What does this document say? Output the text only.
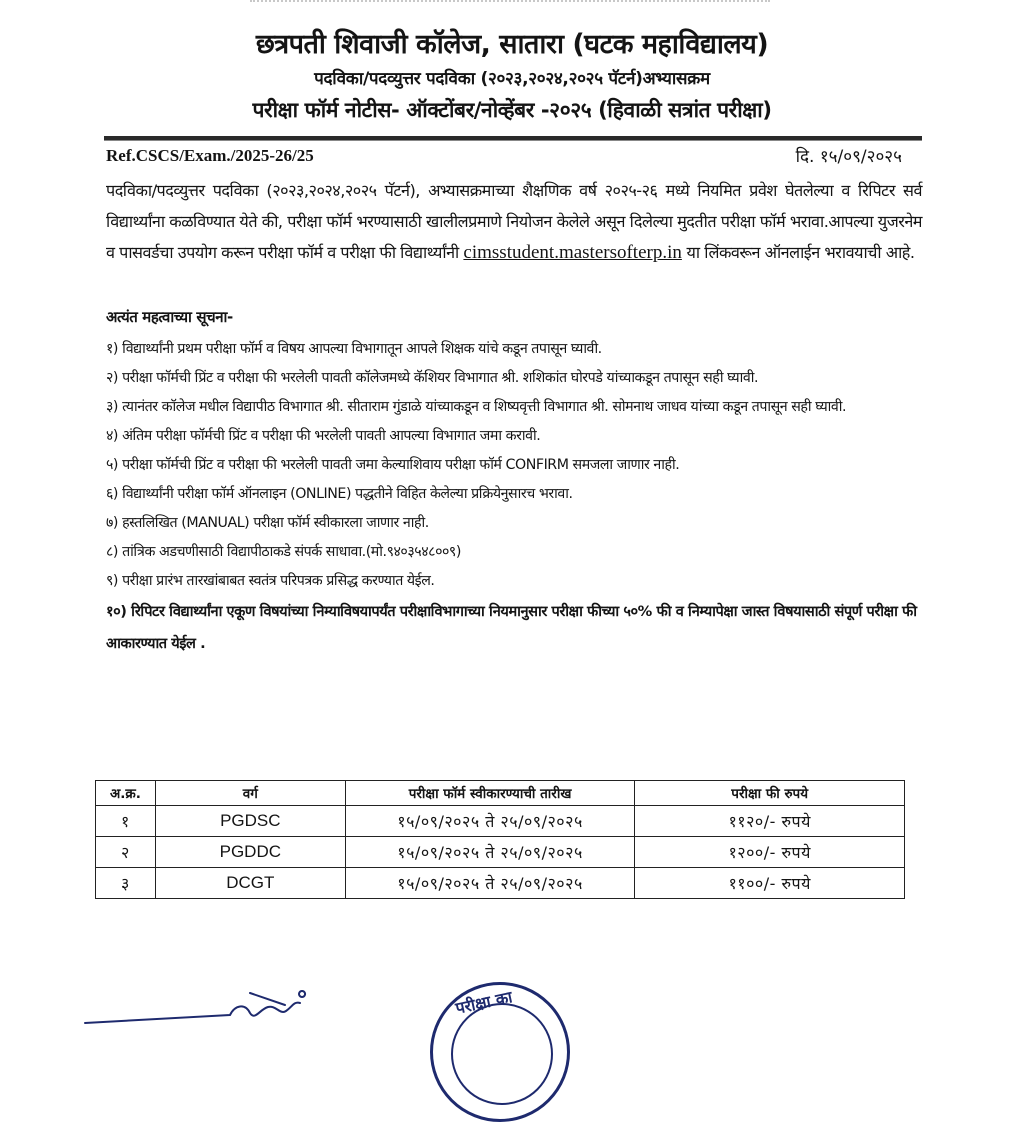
छत्रपती शिवाजी कॉलेज, सातारा (घटक महाविद्यालय)
पदविका/पदव्युत्तर पदविका (२०२३,२०२४,२०२५ पॅटर्न)अभ्यासक्रम
परीक्षा फॉर्म नोटीस- ऑक्टोंबर/नोव्हेंबर -२०२५ (हिवाळी सत्रांत परीक्षा)
Ref.CSCS/Exam./2025-26/25	दि. १५/०९/२०२५
पदविका/पदव्युत्तर पदविका (२०२३,२०२४,२०२५ पॅटर्न), अभ्यासक्रमाच्या शैक्षणिक वर्ष २०२५-२६ मध्ये नियमित प्रवेश घेतलेल्या व रिपिटर सर्व विद्यार्थ्यांना कळविण्यात येते की, परीक्षा फॉर्म भरण्यासाठी खालीलप्रमाणे नियोजन केलेले असून दिलेल्या मुदतीत परीक्षा फॉर्म भरावा.आपल्या युजरनेम व पासवर्डचा उपयोग करून परीक्षा फॉर्म व परीक्षा फी विद्यार्थ्यांनी cimsstudent.mastersofterp.in या लिंकवरून ऑनलाईन भरावयाची आहे.
अत्यंत महत्वाच्या सूचना-
१) विद्यार्थ्यांनी प्रथम परीक्षा फॉर्म व विषय आपल्या विभागातून आपले शिक्षक यांचे कडून तपासून घ्यावी.
२) परीक्षा फॉर्मची प्रिंट व परीक्षा फी भरलेली पावती कॉलेजमध्ये कॅशियर विभागात श्री. शशिकांत घोरपडे यांच्याकडून तपासून सही घ्यावी.
३) त्यानंतर कॉलेज मधील विद्यापीठ विभागात श्री. सीताराम गुंडाळे यांच्याकडून व शिष्यवृत्ती विभागात श्री. सोमनाथ जाधव यांच्या कडून तपासून सही घ्यावी.
४) अंतिम परीक्षा फॉर्मची प्रिंट व परीक्षा फी भरलेली पावती आपल्या विभागात जमा करावी.
५) परीक्षा फॉर्मची प्रिंट व परीक्षा फी भरलेली पावती जमा केल्याशिवाय परीक्षा फॉर्म CONFIRM समजला जाणार नाही.
६) विद्यार्थ्यांनी परीक्षा फॉर्म ऑनलाइन (ONLINE) पद्धतीने विहित केलेल्या प्रक्रियेनुसारच भरावा.
७) हस्तलिखित (MANUAL) परीक्षा फॉर्म स्वीकारला जाणार नाही.
८) तांत्रिक अडचणीसाठी विद्यापीठाकडे संपर्क साधावा.(मो.९४०३५४८००९)
९) परीक्षा प्रारंभ तारखांबाबत स्वतंत्र परिपत्रक प्रसिद्ध करण्यात येईल.
१०) रिपिटर विद्यार्थ्यांना एकूण विषयांच्या निम्याविषयापर्यंत परीक्षाविभागाच्या नियमानुसार परीक्षा फीच्या ५०% फी व निम्यापेक्षा जास्त विषयासाठी संपूर्ण परीक्षा फी आकारण्यात येईल .
अ.क्र.	वर्ग	परीक्षा फॉर्म स्वीकारण्याची तारीख	परीक्षा फी रुपये
१	PGDSC	१५/०९/२०२५ ते २५/०९/२०२५	११२०/- रुपये
२	PGDDC	१५/०९/२०२५ ते २५/०९/२०२५	१२००/- रुपये
३	DCGT	१५/०९/२०२५ ते २५/०९/२०२५	११००/- रुपये
परीक्षा का
